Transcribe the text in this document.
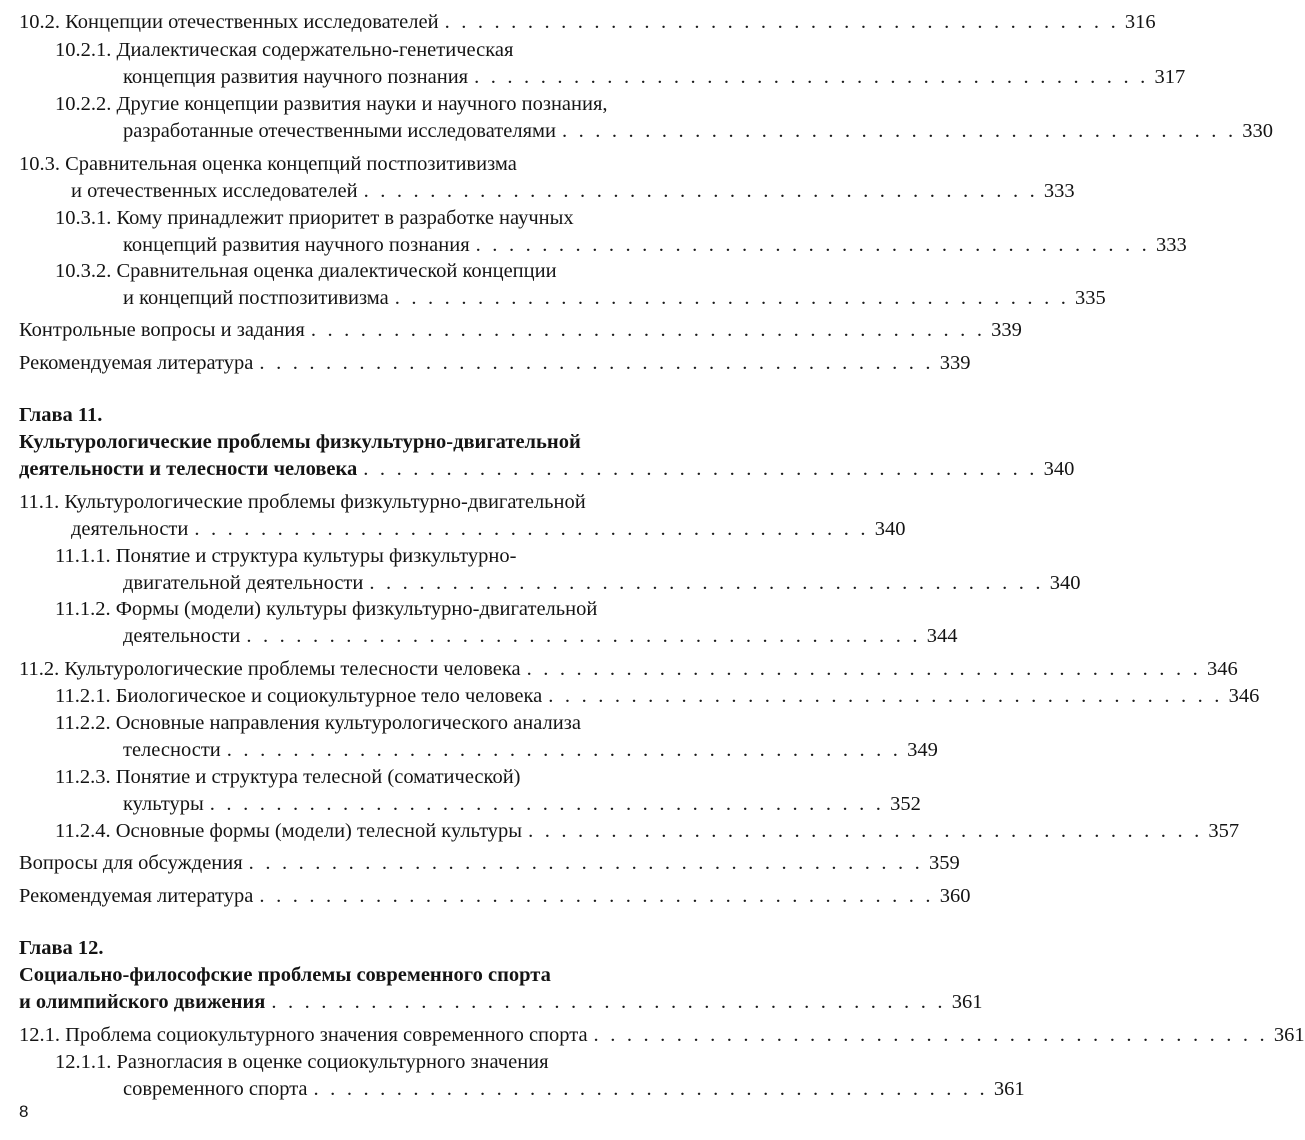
10.2. Концепции отечественных исследователей . . . . . . . . . . . . . . . . . . . . . . . . . . . . . . . . . . . . . . . . . 316
10.2.1. Диалектическая содержательно-генетическая
концепция развития научного познания . . . . . . . . . . . . . . . . . . . . . . . . . . . . . . . . . . . . . . . . . 317
10.2.2. Другие концепции развития науки и научного познания,
разработанные отечественными исследователями . . . . . . . . . . . . . . . . . . . . . . . . . . . . . . . . . . . . . . . . . 330
10.3. Сравнительная оценка концепций постпозитивизма
и отечественных исследователей . . . . . . . . . . . . . . . . . . . . . . . . . . . . . . . . . . . . . . . . . 333
10.3.1. Кому принадлежит приоритет в разработке научных
концепций развития научного познания . . . . . . . . . . . . . . . . . . . . . . . . . . . . . . . . . . . . . . . . . 333
10.3.2. Сравнительная оценка диалектической концепции
и концепций постпозитивизма . . . . . . . . . . . . . . . . . . . . . . . . . . . . . . . . . . . . . . . . . 335
Контрольные вопросы и задания . . . . . . . . . . . . . . . . . . . . . . . . . . . . . . . . . . . . . . . . . 339
Рекомендуемая литература . . . . . . . . . . . . . . . . . . . . . . . . . . . . . . . . . . . . . . . . . 339
Глава 11.
Культурологические проблемы физкультурно-двигательной
деятельности и телесности человека . . . . . . . . . . . . . . . . . . . . . . . . . . . . . . . . . . . . . . . . . 340
11.1. Культурологические проблемы физкультурно-двигательной
деятельности . . . . . . . . . . . . . . . . . . . . . . . . . . . . . . . . . . . . . . . . . 340
11.1.1. Понятие и структура культуры физкультурно-
двигательной деятельности . . . . . . . . . . . . . . . . . . . . . . . . . . . . . . . . . . . . . . . . . 340
11.1.2. Формы (модели) культуры физкультурно-двигательной
деятельности . . . . . . . . . . . . . . . . . . . . . . . . . . . . . . . . . . . . . . . . . 344
11.2. Культурологические проблемы телесности человека . . . . . . . . . . . . . . . . . . . . . . . . . . . . . . . . . . . . . . . . . 346
11.2.1. Биологическое и социокультурное тело человека . . . . . . . . . . . . . . . . . . . . . . . . . . . . . . . . . . . . . . . . . 346
11.2.2. Основные направления культурологического анализа
телесности . . . . . . . . . . . . . . . . . . . . . . . . . . . . . . . . . . . . . . . . . 349
11.2.3. Понятие и структура телесной (соматической)
культуры . . . . . . . . . . . . . . . . . . . . . . . . . . . . . . . . . . . . . . . . . 352
11.2.4. Основные формы (модели) телесной культуры . . . . . . . . . . . . . . . . . . . . . . . . . . . . . . . . . . . . . . . . . 357
Вопросы для обсуждения . . . . . . . . . . . . . . . . . . . . . . . . . . . . . . . . . . . . . . . . . 359
Рекомендуемая литература . . . . . . . . . . . . . . . . . . . . . . . . . . . . . . . . . . . . . . . . . 360
Глава 12.
Социально-философские проблемы современного спорта
и олимпийского движения . . . . . . . . . . . . . . . . . . . . . . . . . . . . . . . . . . . . . . . . . 361
12.1. Проблема социокультурного значения современного спорта . . . . . . . . . . . . . . . . . . . . . . . . . . . . . . . . . . . . . . . . . 361
12.1.1. Разногласия в оценке социокультурного значения
современного спорта . . . . . . . . . . . . . . . . . . . . . . . . . . . . . . . . . . . . . . . . . 361
8
